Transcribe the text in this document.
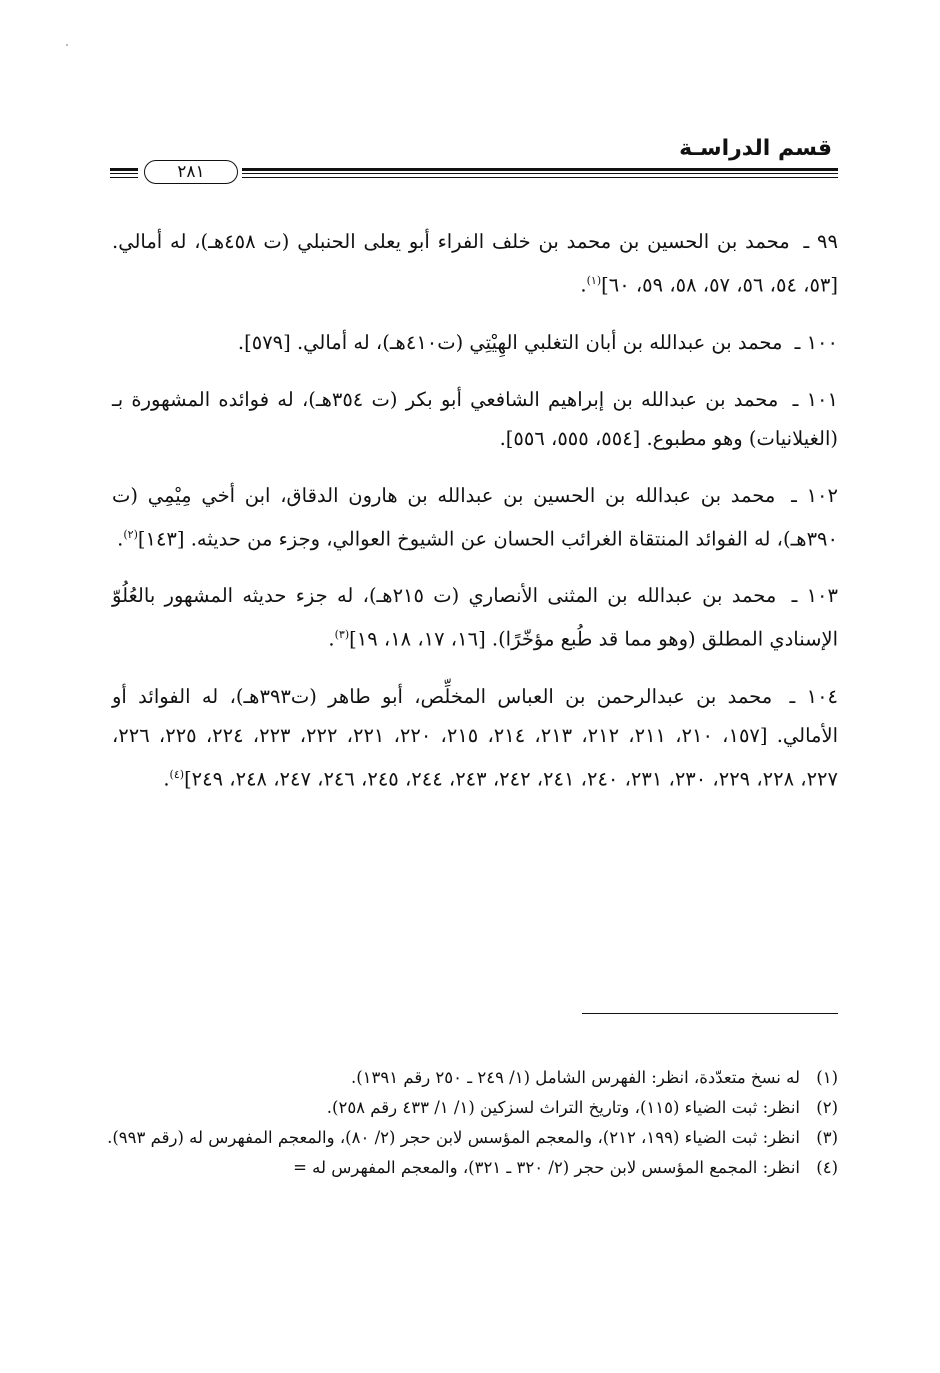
قسم الدراسـة
٢٨١

٩٩ ـ محمد بن الحسين بن محمد بن خلف الفراء أبو يعلى الحنبلي (ت ٤٥٨هـ)، له أمالي. [٥٣، ٥٤، ٥٦، ٥٧، ٥٨، ٥٩، ٦٠]$^{(١)}$.

١٠٠ ـ محمد بن عبدالله بن أبان التغلبي الهِيْتِي (ت٤١٠هـ)، له أمالي. [٥٧٩].

١٠١ ـ محمد بن عبدالله بن إبراهيم الشافعي أبو بكر (ت ٣٥٤هـ)، له فوائده المشهورة بـ (الغيلانيات) وهو مطبوع. [٥٥٤، ٥٥٥، ٥٥٦].

١٠٢ ـ محمد بن عبدالله بن الحسين بن عبدالله بن هارون الدقاق، ابن أخي مِيْمِي (ت ٣٩٠هـ)، له الفوائد المنتقاة الغرائب الحسان عن الشيوخ العوالي، وجزء من حديثه. [١٤٣]$^{(٢)}$.

١٠٣ ـ محمد بن عبدالله بن المثنى الأنصاري (ت ٢١٥هـ)، له جزء حديثه المشهور بالعُلُوّ الإسنادي المطلق (وهو مما قد طُبع مؤخّرًا). [١٦، ١٧، ١٨، ١٩]$^{(٣)}$.

١٠٤ ـ محمد بن عبدالرحمن بن العباس المخلِّص، أبو طاهر (ت٣٩٣هـ)، له الفوائد أو الأمالي. [١٥٧، ٢١٠، ٢١١، ٢١٢، ٢١٣، ٢١٤، ٢١٥، ٢٢٠، ٢٢١، ٢٢٢، ٢٢٣، ٢٢٤، ٢٢٥، ٢٢٦، ٢٢٧، ٢٢٨، ٢٢٩، ٢٣٠، ٢٣١، ٢٤٠، ٢٤١، ٢٤٢، ٢٤٣، ٢٤٤، ٢٤٥، ٢٤٦، ٢٤٧، ٢٤٨، ٢٤٩]$^{(٤)}$.

(١)
له نسخ متعدّدة، انظر: الفهرس الشامل (١/ ٢٤٩ ـ ٢٥٠ رقم ١٣٩١).
(٢)
انظر: ثبت الضياء (١١٥)، وتاريخ التراث لسزكين (١/ ١/ ٤٣٣ رقم ٢٥٨).
(٣)
انظر: ثبت الضياء (١٩٩، ٢١٢)، والمعجم المؤسس لابن حجر (٢/ ٨٠)، والمعجم المفهرس له (رقم ٩٩٣).
(٤)
انظر: المجمع المؤسس لابن حجر (٢/ ٣٢٠ ـ ٣٢١)، والمعجم المفهرس له =
